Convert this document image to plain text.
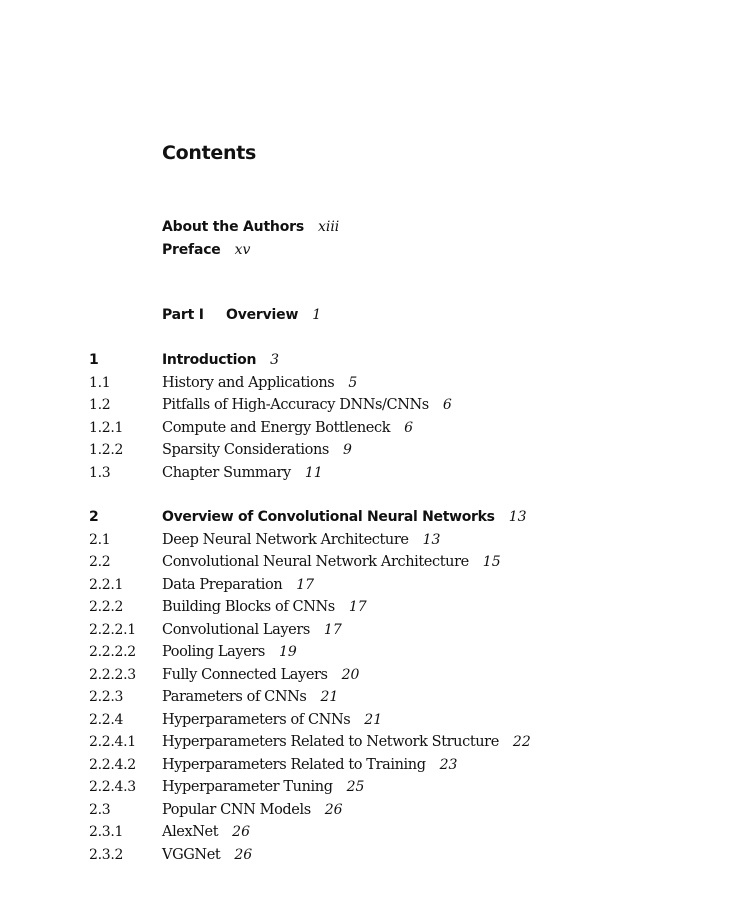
Contents
About the Authors xiii
Preface xv
Part I Overview 1
1	Introduction 3
1.1	History and Applications 5
1.2	Pitfalls of High-Accuracy DNNs/CNNs 6
1.2.1	Compute and Energy Bottleneck 6
1.2.2	Sparsity Considerations 9
1.3	Chapter Summary 11
2	Overview of Convolutional Neural Networks 13
2.1	Deep Neural Network Architecture 13
2.2	Convolutional Neural Network Architecture 15
2.2.1	Data Preparation 17
2.2.2	Building Blocks of CNNs 17
2.2.2.1 Convolutional Layers 17
2.2.2.2 Pooling Layers 19
2.2.2.3 Fully Connected Layers 20
2.2.3	Parameters of CNNs 21
2.2.4	Hyperparameters of CNNs 21
2.2.4.1 Hyperparameters Related to Network Structure 22
2.2.4.2 Hyperparameters Related to Training 23
2.2.4.3 Hyperparameter Tuning 25
2.3	Popular CNN Models 26
2.3.1	AlexNet 26
2.3.2	VGGNet 26
